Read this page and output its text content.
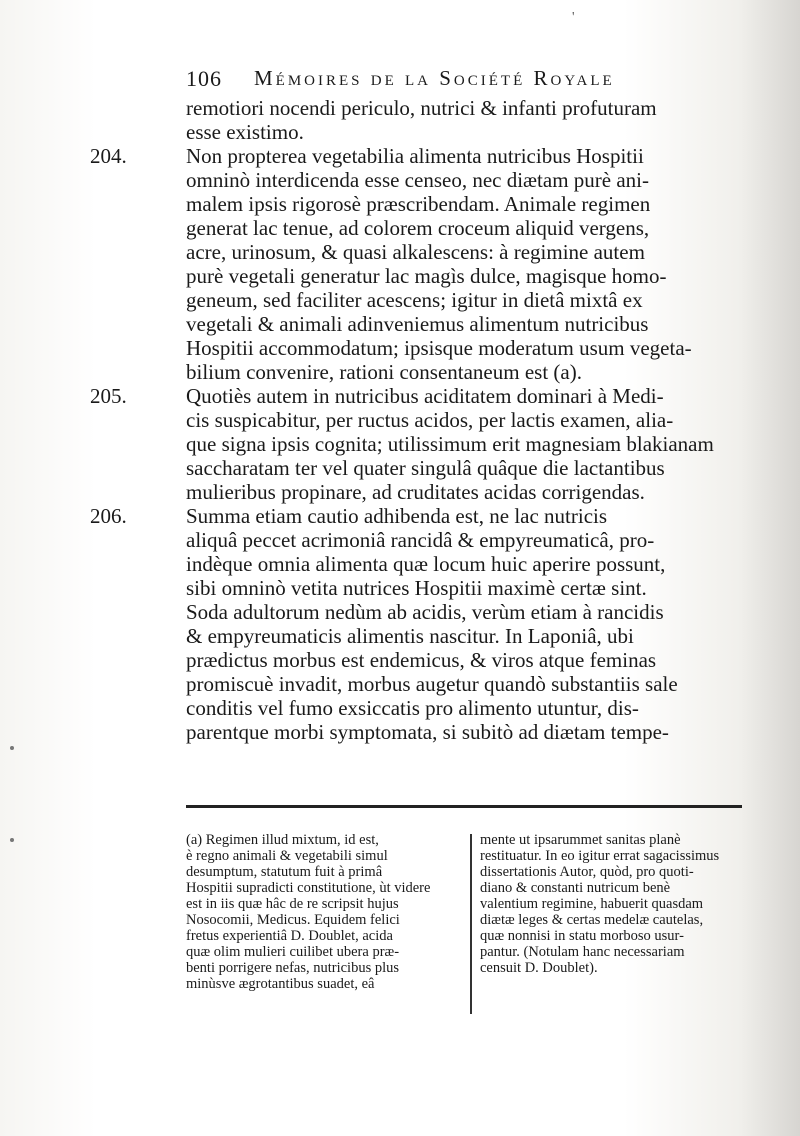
'
106 Mémoires de la Société Royale
remotiori nocendi periculo, nutrici & infanti profuturam
esse existimo.
204.	Non propterea vegetabilia alimenta nutricibus Hospitii
omninò interdicenda esse censeo, nec diætam purè ani-
malem ipsis rigorosè præscribendam. Animale regimen
generat lac tenue, ad colorem croceum aliquid vergens,
acre, urinosum, & quasi alkalescens: à regimine autem
purè vegetali generatur lac magìs dulce, magisque homo-
geneum, sed faciliter acescens; igitur in dietâ mixtâ ex
vegetali & animali adinveniemus alimentum nutricibus
Hospitii accommodatum; ipsisque moderatum usum vegeta-
bilium convenire, rationi consentaneum est (a).
205.	Quotiès autem in nutricibus aciditatem dominari à Medi-
cis suspicabitur, per ructus acidos, per lactis examen, alia-
que signa ipsis cognita; utilissimum erit magnesiam blakianam
saccharatam ter vel quater singulâ quâque die lactantibus
mulieribus propinare, ad cruditates acidas corrigendas.
206.	Summa etiam cautio adhibenda est, ne lac nutricis
aliquâ peccet acrimoniâ rancidâ & empyreumaticâ, pro-
indèque omnia alimenta quæ locum huic aperire possunt,
sibi omninò vetita nutrices Hospitii maximè certæ sint.
Soda adultorum nedùm ab acidis, verùm etiam à rancidis
& empyreumaticis alimentis nascitur. In Laponiâ, ubi
prædictus morbus est endemicus, & viros atque feminas
promiscuè invadit, morbus augetur quandò substantiis sale
conditis vel fumo exsiccatis pro alimento utuntur, dis-
parentque morbi symptomata, si subitò ad diætam tempe-
(a) Regimen illud mixtum, id est,
è regno animali & vegetabili simul
desumptum, statutum fuit à primâ
Hospitii supradicti constitutione, ùt videre
est in iis quæ hâc de re scripsit hujus
Nosocomii, Medicus. Equidem felici
fretus experientiâ D. Doublet, acida
quæ olim mulieri cuilibet ubera præ-
benti porrigere nefas, nutricibus plus
minùsve ægrotantibus suadet, eâ
mente ut ipsarummet sanitas planè
restituatur. In eo igitur errat sagacissimus
dissertationis Autor, quòd, pro quoti-
diano & constanti nutricum benè
valentium regimine, habuerit quasdam
diætæ leges & certas medelæ cautelas,
quæ nonnisi in statu morboso usur-
pantur. (Notulam hanc necessariam
censuit D. Doublet).
